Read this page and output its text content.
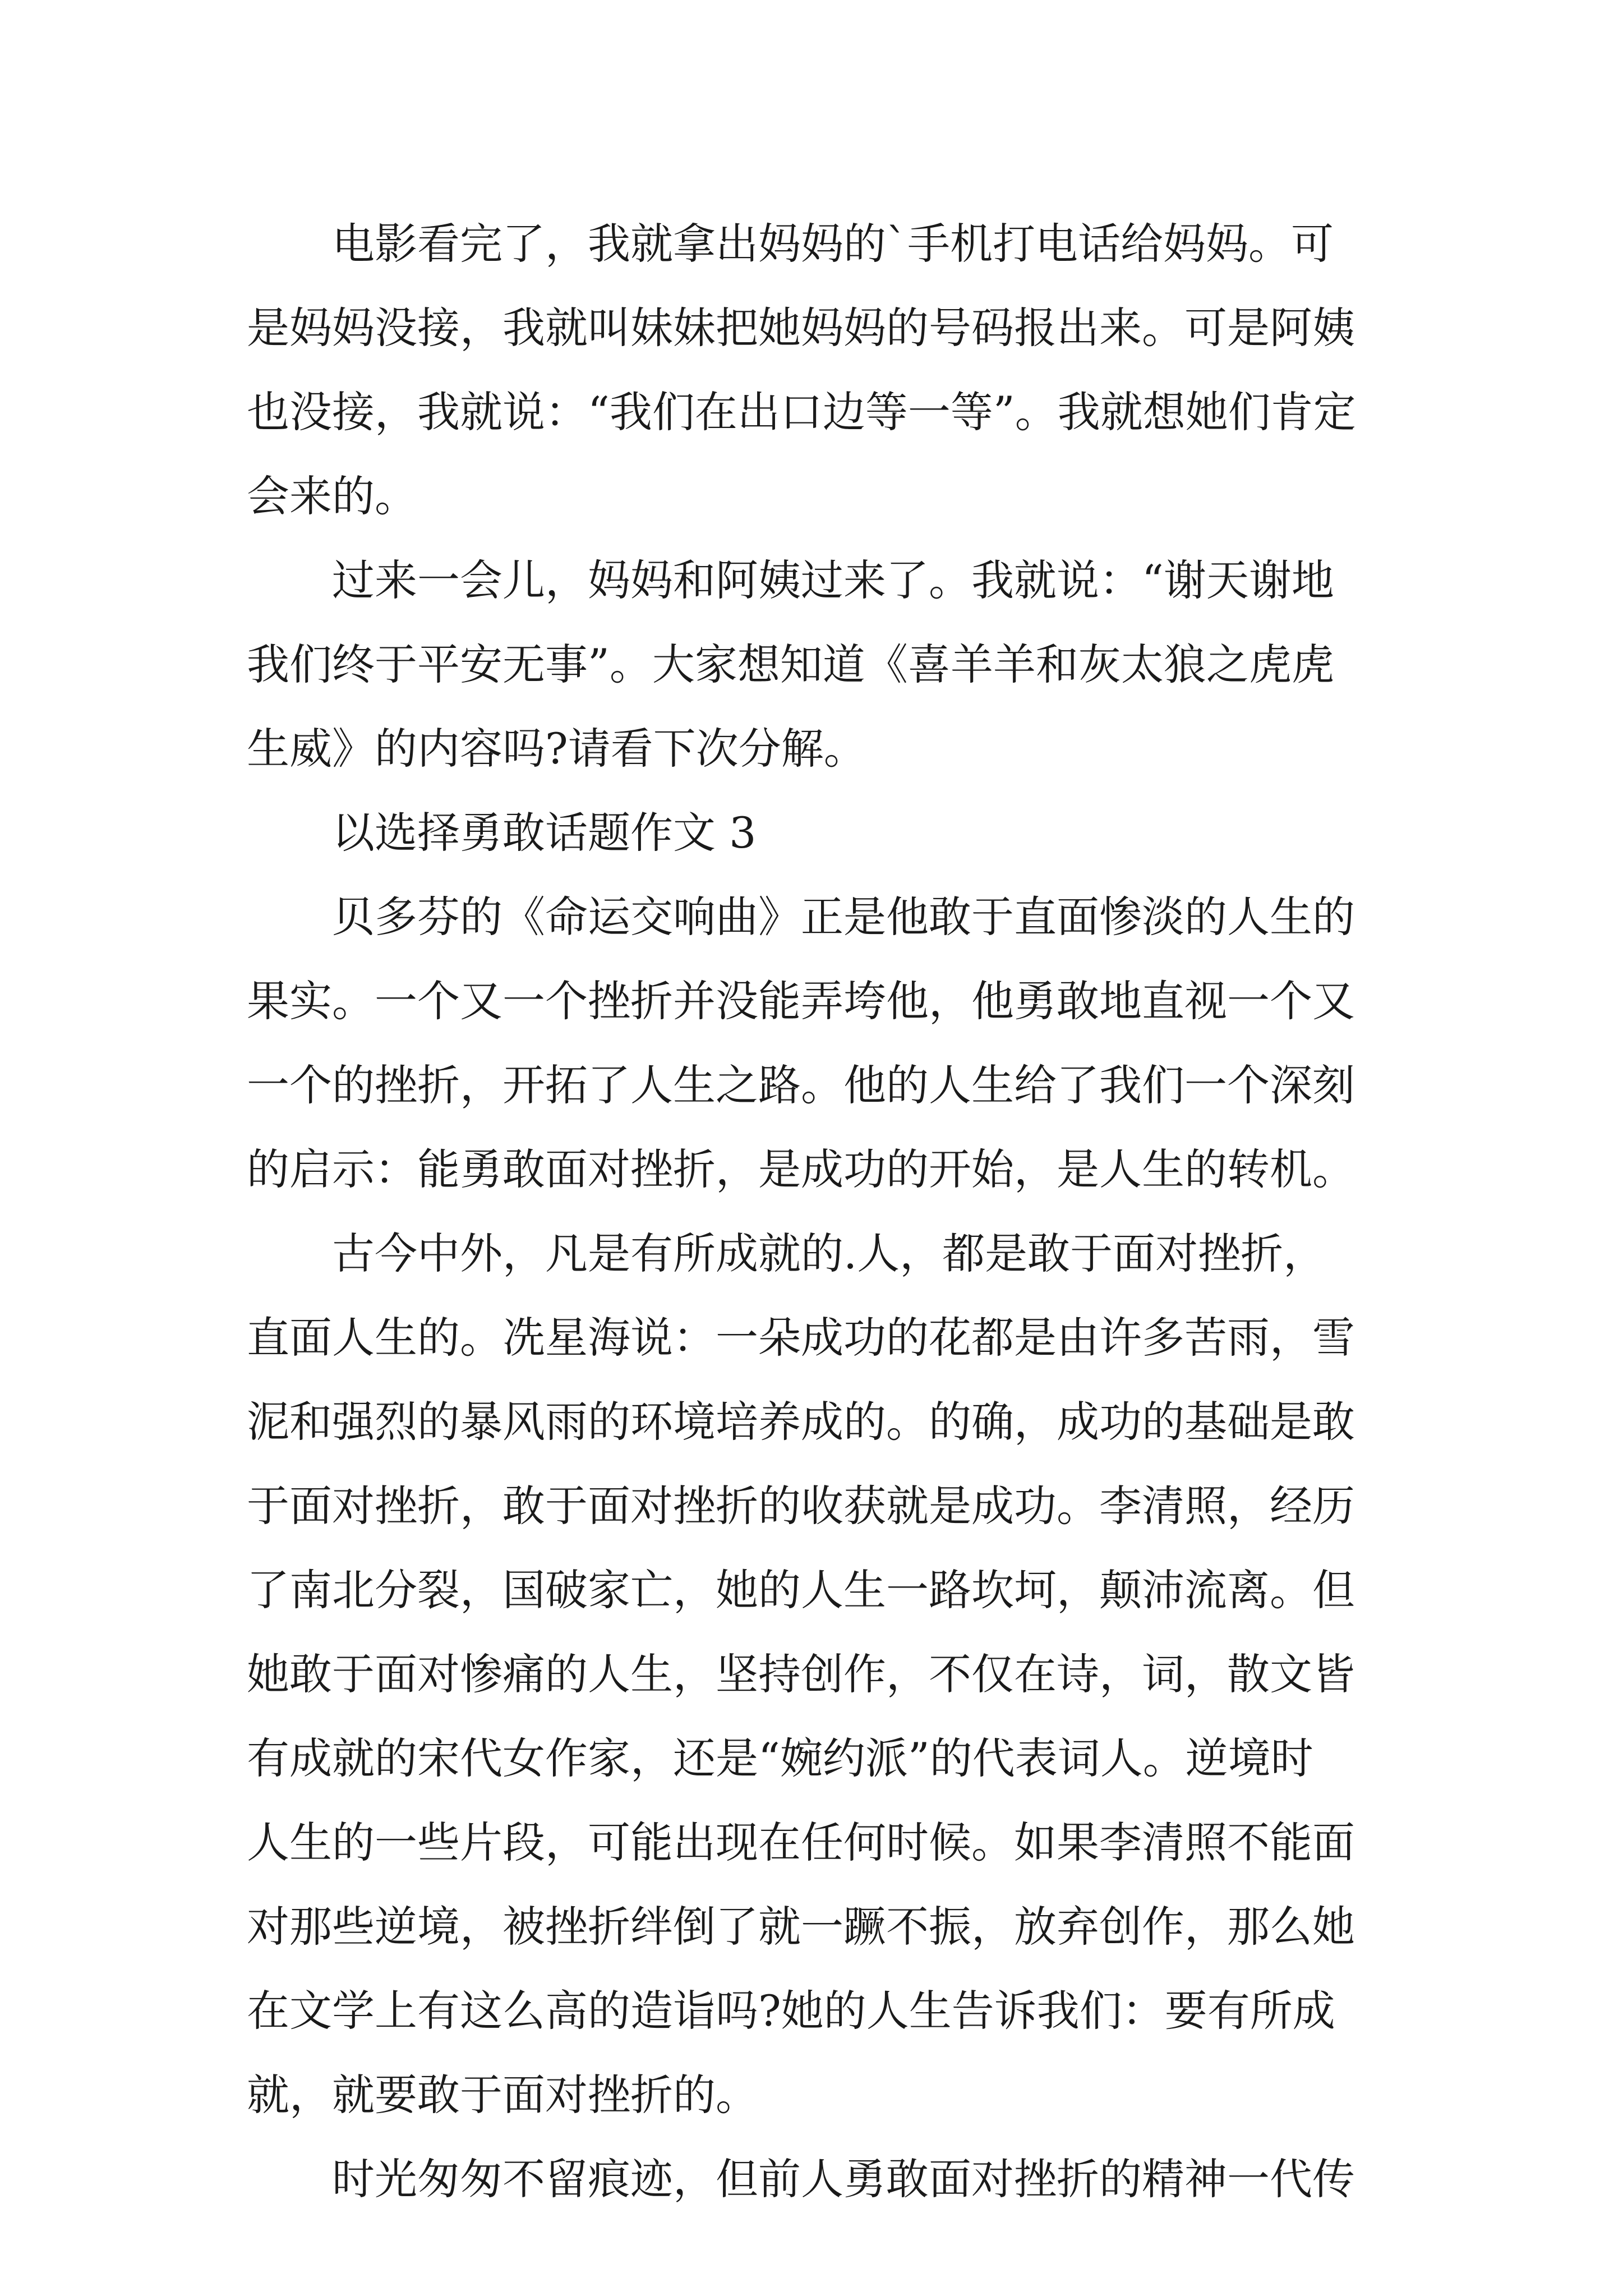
电影看完了，我就拿出妈妈的`手机打电话给妈妈。可
是妈妈没接，我就叫妹妹把她妈妈的号码报出来。可是阿姨
也没接，我就说：“我们在出口边等一等”。我就想她们肯定
会来的。
过来一会儿，妈妈和阿姨过来了。我就说：“谢天谢地
我们终于平安无事”。大家想知道《喜羊羊和灰太狼之虎虎
生威》的内容吗?请看下次分解。
以选择勇敢话题作文 3
贝多芬的《命运交响曲》正是他敢于直面惨淡的人生的
果实。一个又一个挫折并没能弄垮他，他勇敢地直视一个又
一个的挫折，开拓了人生之路。他的人生给了我们一个深刻
的启示：能勇敢面对挫折，是成功的开始，是人生的转机。
古今中外，凡是有所成就的.人，都是敢于面对挫折，
直面人生的。冼星海说：一朵成功的花都是由许多苦雨，雪
泥和强烈的暴风雨的环境培养成的。的确，成功的基础是敢
于面对挫折，敢于面对挫折的收获就是成功。李清照，经历
了南北分裂，国破家亡，她的人生一路坎坷，颠沛流离。但
她敢于面对惨痛的人生，坚持创作，不仅在诗，词，散文皆
有成就的宋代女作家，还是“婉约派”的代表词人。逆境时
人生的一些片段，可能出现在任何时候。如果李清照不能面
对那些逆境，被挫折绊倒了就一蹶不振，放弃创作，那么她
在文学上有这么高的造诣吗?她的人生告诉我们：要有所成
就，就要敢于面对挫折的。
时光匆匆不留痕迹，但前人勇敢面对挫折的精神一代传
